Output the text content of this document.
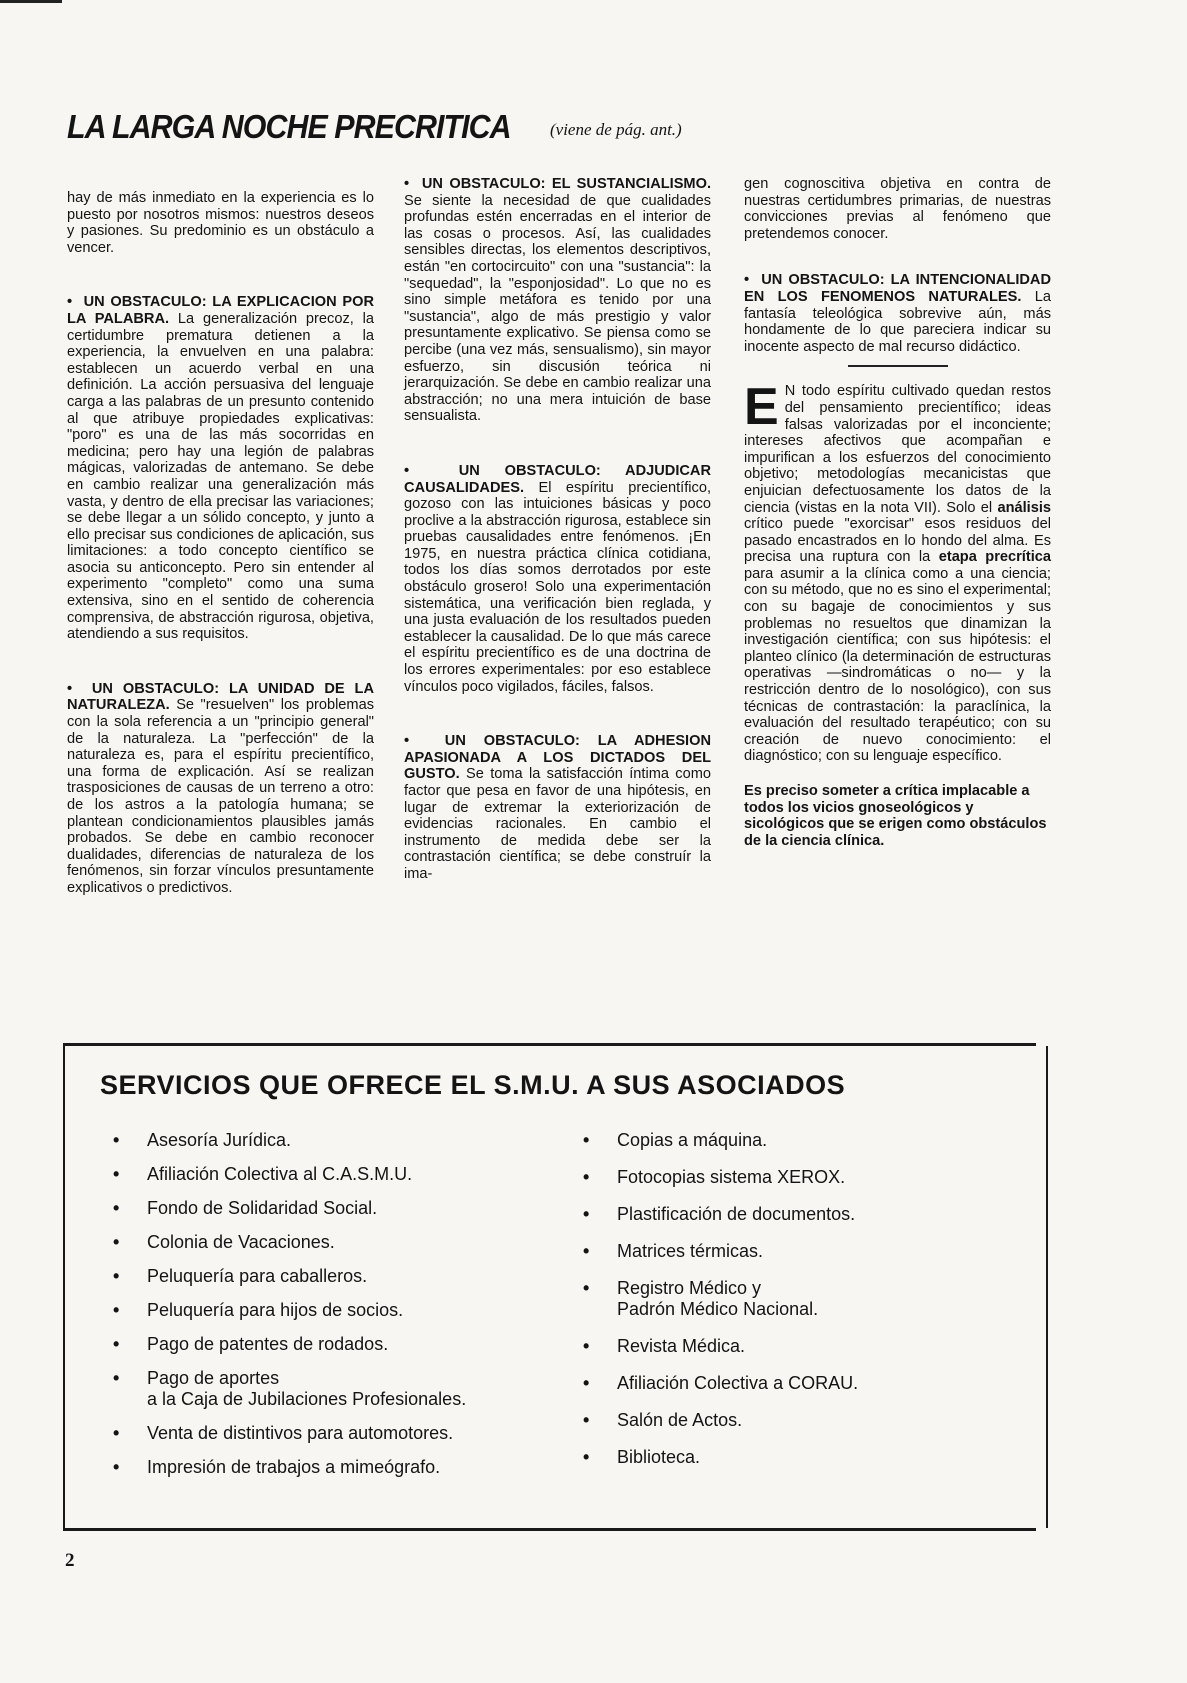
LA LARGA NOCHE PRECRITICA (viene de pág. ant.)

hay de más inmediato en la experiencia es lo puesto por nosotros mismos: nuestros deseos y pasiones. Su predominio es un obstáculo a vencer.

•  UN OBSTACULO: LA EXPLICACION POR LA PALABRA. La generalización precoz, la certidumbre prematura detienen a la experiencia, la envuelven en una palabra: establecen un acuerdo verbal en una definición. La acción persuasiva del lenguaje carga a las palabras de un presunto contenido al que atribuye propiedades explicativas: "poro" es una de las más socorridas en medicina; pero hay una legión de palabras mágicas, valorizadas de antemano. Se debe en cambio realizar una generalización más vasta, y dentro de ella precisar las variaciones; se debe llegar a un sólido concepto, y junto a ello precisar sus condiciones de aplicación, sus limitaciones: a todo concepto científico se asocia su anticoncepto. Pero sin entender al experimento "completo" como una suma extensiva, sino en el sentido de coherencia comprensiva, de abstracción rigurosa, objetiva, atendiendo a sus requisitos.

•  UN OBSTACULO: LA UNIDAD DE LA NATURALEZA. Se "resuelven" los problemas con la sola referencia a un "principio general" de la naturaleza. La "perfección" de la naturaleza es, para el espíritu precientífico, una forma de explicación. Así se realizan trasposiciones de causas de un terreno a otro: de los astros a la patología humana; se plantean condicionamientos plausibles jamás probados. Se debe en cambio reconocer dualidades, diferencias de naturaleza de los fenómenos, sin forzar vínculos presuntamente explicativos o predictivos.

•  UN OBSTACULO: EL SUSTANCIALISMO. Se siente la necesidad de que cualidades profundas estén encerradas en el interior de las cosas o procesos. Así, las cualidades sensibles directas, los elementos descriptivos, están "en cortocircuito" con una "sustancia": la "sequedad", la "esponjosidad". Lo que no es sino simple metáfora es tenido por una "sustancia", algo de más prestigio y valor presuntamente explicativo. Se piensa como se percibe (una vez más, sensualismo), sin mayor esfuerzo, sin discusión teórica ni jerarquización. Se debe en cambio realizar una abstracción; no una mera intuición de base sensualista.

•  UN OBSTACULO: ADJUDICAR CAUSALIDADES. El espíritu precientífico, gozoso con las intuiciones básicas y poco proclive a la abstracción rigurosa, establece sin pruebas causalidades entre fenómenos. ¡En 1975, en nuestra práctica clínica cotidiana, todos los días somos derrotados por este obstáculo grosero! Solo una experimentación sistemática, una verificación bien reglada, y una justa evaluación de los resultados pueden establecer la causalidad. De lo que más carece el espíritu precientífico es de una doctrina de los errores experimentales: por eso establece vínculos poco vigilados, fáciles, falsos.

•  UN OBSTACULO: LA ADHESION APASIONADA A LOS DICTADOS DEL GUSTO. Se toma la satisfacción íntima como factor que pesa en favor de una hipótesis, en lugar de extremar la exteriorización de evidencias racionales. En cambio el instrumento de medida debe ser la contrastación científica; se debe construír la ima-

gen cognoscitiva objetiva en contra de nuestras certidumbres primarias, de nuestras convicciones previas al fenómeno que pretendemos conocer.

•  UN OBSTACULO: LA INTENCIONALIDAD EN LOS FENOMENOS NATURALES. La fantasía teleológica sobrevive aún, más hondamente de lo que pareciera indicar su inocente aspecto de mal recurso didáctico.

E N todo espíritu cultivado quedan restos del pensamiento precientífico; ideas falsas valorizadas por el inconciente; intereses afectivos que acompañan e impurifican a los esfuerzos del conocimiento objetivo; metodologías mecanicistas que enjuician defectuosamente los datos de la ciencia (vistas en la nota VII). Solo el análisis crítico puede "exorcisar" esos residuos del pasado encastrados en lo hondo del alma. Es precisa una ruptura con la etapa precrítica para asumir a la clínica como a una ciencia; con su método, que no es sino el experimental; con su bagaje de conocimientos y sus problemas no resueltos que dinamizan la investigación científica; con sus hipótesis: el planteo clínico (la determinación de estructuras operativas —sindromáticas o no— y la restricción dentro de lo nosológico), con sus técnicas de contrastación: la paraclínica, la evaluación del resultado terapéutico; con su creación de nuevo conocimiento: el diagnóstico; con su lenguaje específico.

Es preciso someter a crítica implacable a todos los vicios gnoseológicos y sicológicos que se erigen como obstáculos de la ciencia clínica.

SERVICIOS QUE OFRECE EL S.M.U. A SUS ASOCIADOS
• Asesoría Jurídica.
• Afiliación Colectiva al C.A.S.M.U.
• Fondo de Solidaridad Social.
• Colonia de Vacaciones.
• Peluquería para caballeros.
• Peluquería para hijos de socios.
• Pago de patentes de rodados.
• Pago de aportes
a la Caja de Jubilaciones Profesionales.
• Venta de distintivos para automotores.
• Impresión de trabajos a mimeógrafo.
• Copias a máquina.
• Fotocopias sistema XEROX.
• Plastificación de documentos.
• Matrices térmicas.
• Registro Médico y
Padrón Médico Nacional.
• Revista Médica.
• Afiliación Colectiva a CORAU.
• Salón de Actos.
• Biblioteca.
2
